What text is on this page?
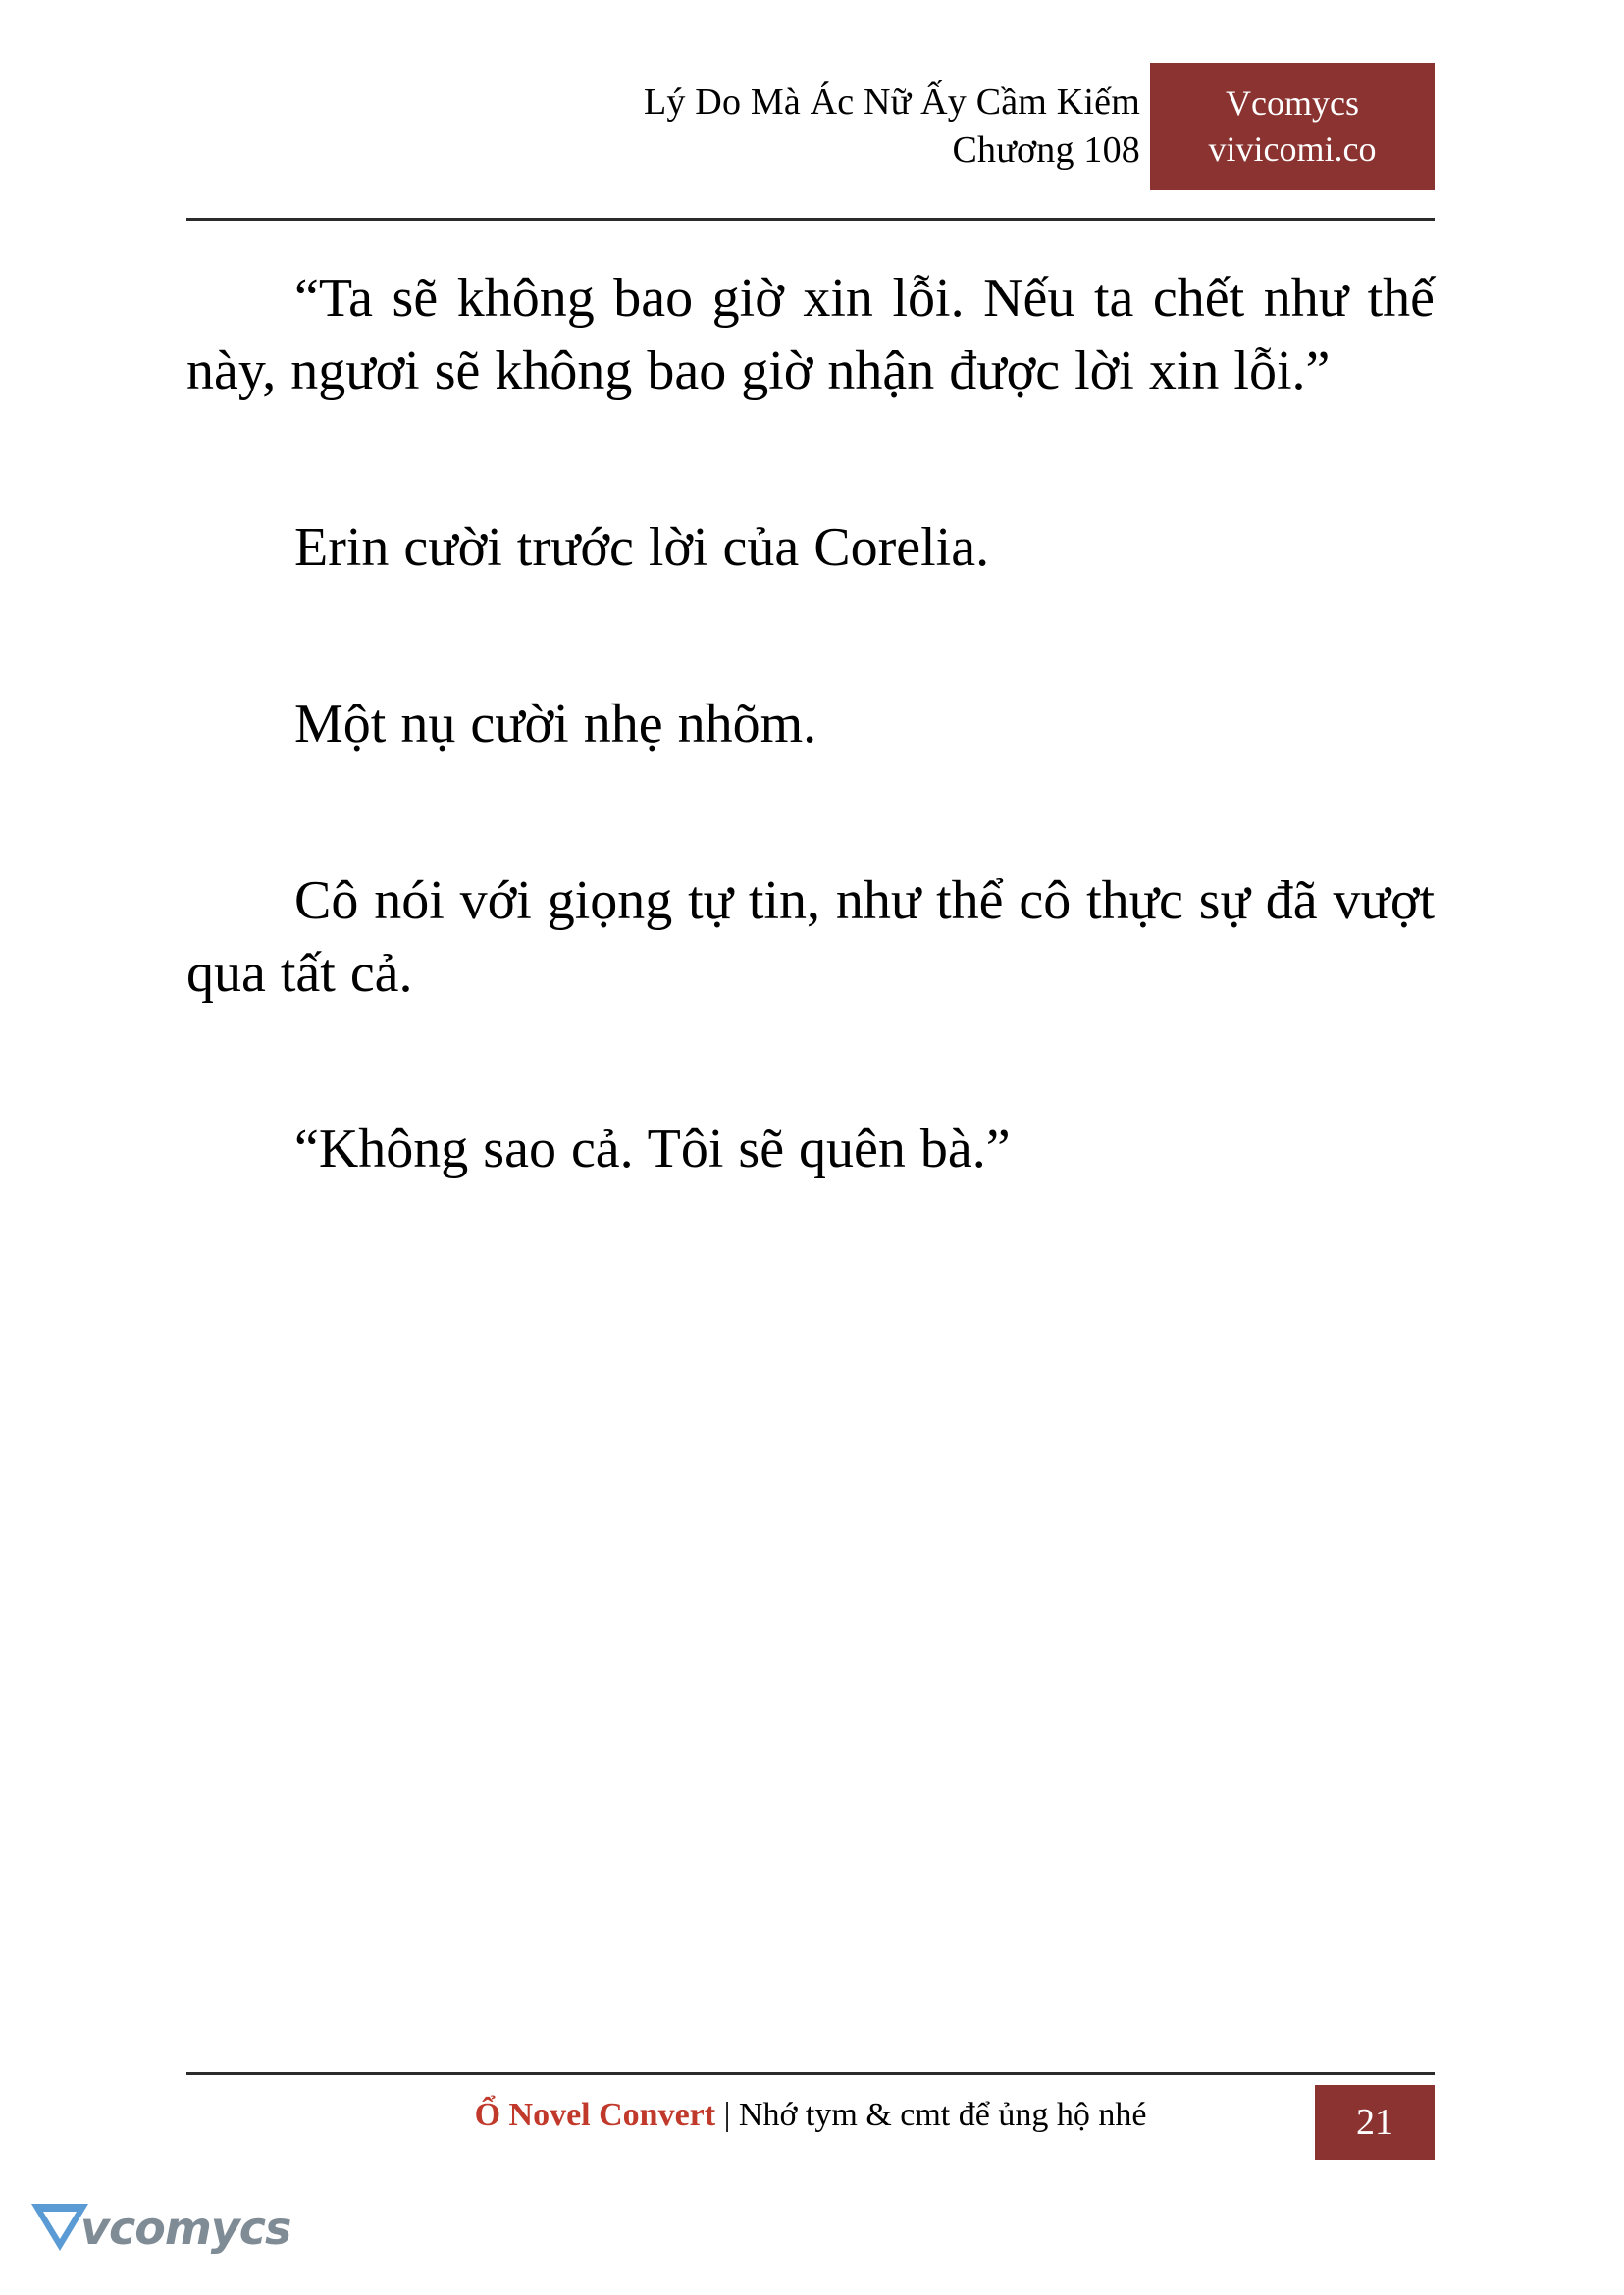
Lý Do Mà Ác Nữ Ấy Cầm Kiếm
Chương 108
Vcomycs
vivicomi.co

“Ta sẽ không bao giờ xin lỗi. Nếu ta chết như thế này, ngươi sẽ không bao giờ nhận được lời xin lỗi.”

Erin cười trước lời của Corelia.

Một nụ cười nhẹ nhõm.

Cô nói với giọng tự tin, như thể cô thực sự đã vượt qua tất cả.

“Không sao cả. Tôi sẽ quên bà.”

Ổ Novel Convert | Nhớ tym & cmt để ủng hộ nhé	21
vcomycs
